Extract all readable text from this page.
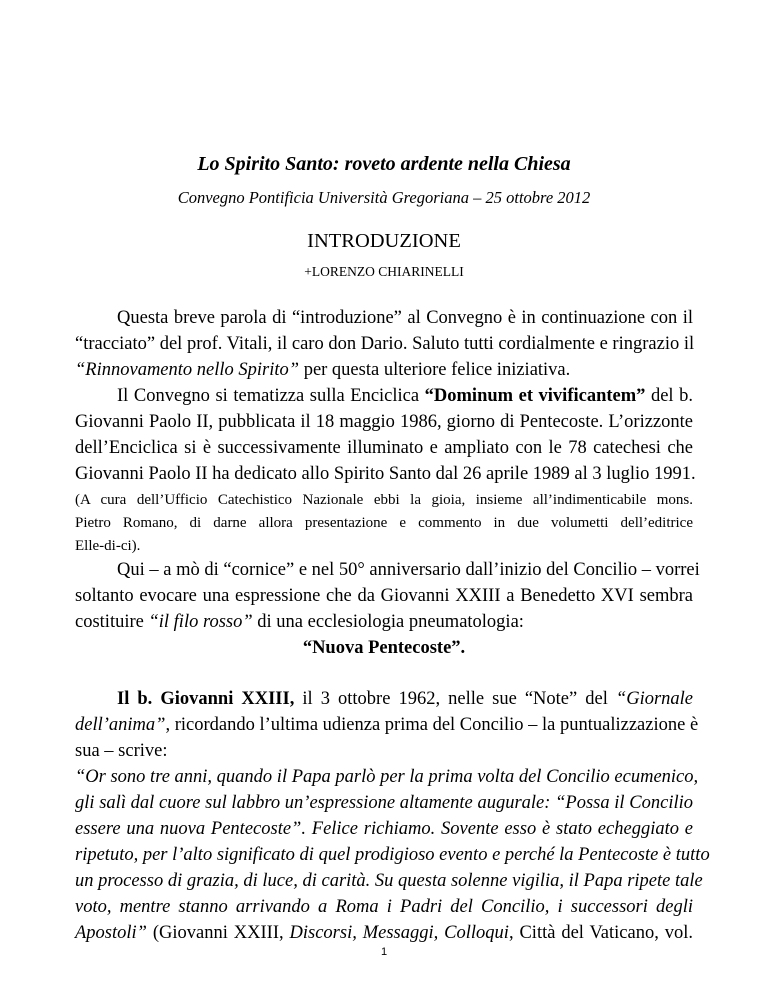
Lo Spirito Santo: roveto ardente nella Chiesa
Convegno Pontificia Università Gregoriana – 25 ottobre 2012
INTRODUZIONE
+LORENZO CHIARINELLI
Questa breve parola di “introduzione” al Convegno è in continuazione con il
“tracciato” del prof. Vitali, il caro don Dario. Saluto tutti cordialmente e ringrazio il
“Rinnovamento nello Spirito” per questa ulteriore felice iniziativa.
Il Convegno si tematizza sulla Enciclica “Dominum et vivificantem” del b.
Giovanni Paolo II, pubblicata il 18 maggio 1986, giorno di Pentecoste. L’orizzonte
dell’Enciclica si è successivamente illuminato e ampliato con le 78 catechesi che
Giovanni Paolo II ha dedicato allo Spirito Santo dal 26 aprile 1989 al 3 luglio 1991.
(A cura dell’Ufficio Catechistico Nazionale ebbi la gioia, insieme all’indimenticabile mons.
Pietro Romano, di darne allora presentazione e commento in due volumetti dell’editrice
Elle-di-ci).
Qui – a mò di “cornice” e nel 50° anniversario dall’inizio del Concilio – vorrei
soltanto evocare una espressione che da Giovanni XXIII a Benedetto XVI sembra
costituire “il filo rosso” di una ecclesiologia pneumatologia:
“Nuova Pentecoste”.
Il b. Giovanni XXIII, il 3 ottobre 1962, nelle sue “Note” del “Giornale
dell’anima”, ricordando l’ultima udienza prima del Concilio – la puntualizzazione è
sua – scrive:
“Or sono tre anni, quando il Papa parlò per la prima volta del Concilio ecumenico,
gli salì dal cuore sul labbro un’espressione altamente augurale: “Possa il Concilio
essere una nuova Pentecoste”. Felice richiamo. Sovente esso è stato echeggiato e
ripetuto, per l’alto significato di quel prodigioso evento e perché la Pentecoste è tutto
un processo di grazia, di luce, di carità. Su questa solenne vigilia, il Papa ripete tale
voto, mentre stanno arrivando a Roma i Padri del Concilio, i successori degli
Apostoli” (Giovanni XXIII, Discorsi, Messaggi, Colloqui, Città del Vaticano, vol.
1
